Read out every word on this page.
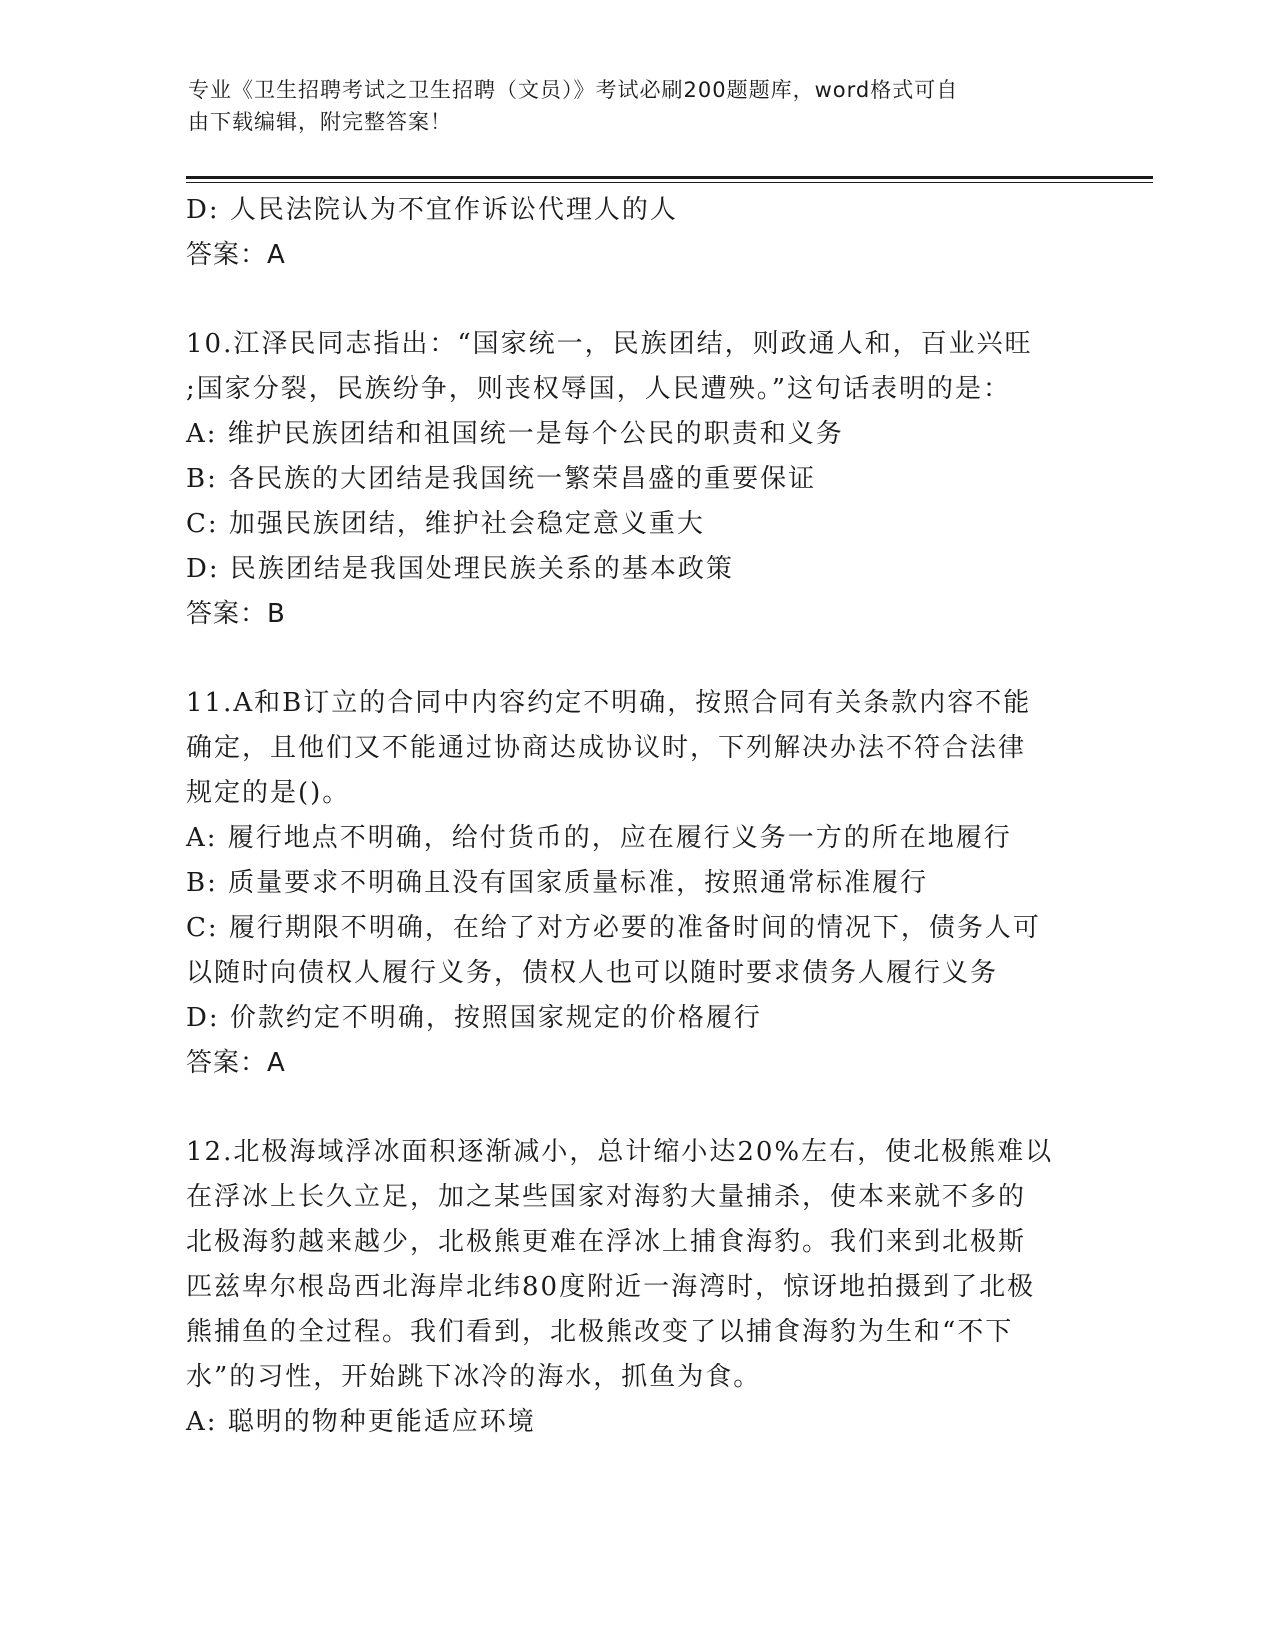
专业《卫生招聘考试之卫生招聘（文员）》考试必刷200题题库，word格式可自
由下载编辑，附完整答案！
D: 人民法院认为不宜作诉讼代理人的人
答案：A
10.江泽民同志指出：“国家统一，民族团结，则政通人和，百业兴旺
;国家分裂，民族纷争，则丧权辱国，人民遭殃。”这句话表明的是：
A: 维护民族团结和祖国统一是每个公民的职责和义务
B: 各民族的大团结是我国统一繁荣昌盛的重要保证
C: 加强民族团结，维护社会稳定意义重大
D: 民族团结是我国处理民族关系的基本政策
答案：B
11.A和B订立的合同中内容约定不明确，按照合同有关条款内容不能
确定，且他们又不能通过协商达成协议时，下列解决办法不符合法律
规定的是()。
A: 履行地点不明确，给付货币的，应在履行义务一方的所在地履行
B: 质量要求不明确且没有国家质量标准，按照通常标准履行
C: 履行期限不明确，在给了对方必要的准备时间的情况下，债务人可
以随时向债权人履行义务，债权人也可以随时要求债务人履行义务
D: 价款约定不明确，按照国家规定的价格履行
答案：A
12.北极海域浮冰面积逐渐减小，总计缩小达20%左右，使北极熊难以
在浮冰上长久立足，加之某些国家对海豹大量捕杀，使本来就不多的
北极海豹越来越少，北极熊更难在浮冰上捕食海豹。我们来到北极斯
匹兹卑尔根岛西北海岸北纬80度附近一海湾时，惊讶地拍摄到了北极
熊捕鱼的全过程。我们看到，北极熊改变了以捕食海豹为生和“不下
水”的习性，开始跳下冰冷的海水，抓鱼为食。
A: 聪明的物种更能适应环境
